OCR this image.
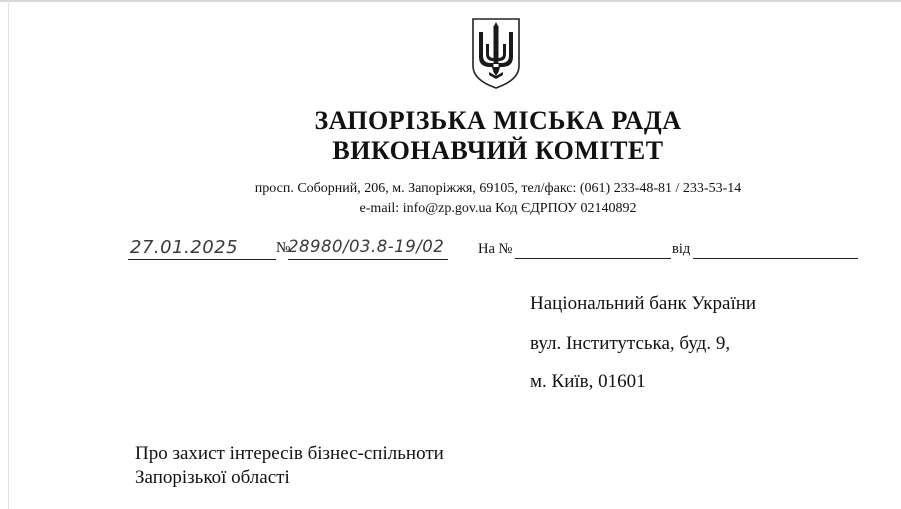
ЗАПОРІЗЬКА МІСЬКА РАДА
ВИКОНАВЧИЙ КОМІТЕТ
просп. Соборний, 206, м. Запоріжжя, 69105, тел/факс: (061) 233-48-81 / 233-53-14
e-mail: info@zp.gov.ua Код ЄДРПОУ 02140892
27.01.2025	№
28980/03.8-19/02 На №	від
Національний банк України
вул. Інститутська, буд. 9,
м. Київ, 01601
Про захист інтересів бізнес-спільноти
Запорізької області
